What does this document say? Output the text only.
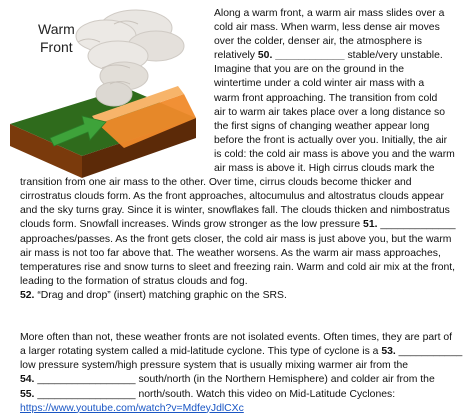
Warm
Front
Along a warm front, a warm air mass slides over a
cold air mass. When warm, less dense air moves
over the colder, denser air, the atmosphere is
relatively 50. ____________ stable/very unstable.
Imagine that you are on the ground in the
wintertime under a cold winter air mass with a
warm front approaching. The transition from cold
air to warm air takes place over a long distance so
the first signs of changing weather appear long
before the front is actually over you. Initially, the air
is cold: the cold air mass is above you and the warm
air mass is above it. High cirrus clouds mark the
transition from one air mass to the other. Over time, cirrus clouds become thicker and
cirrostratus clouds form. As the front approaches, altocumulus and altostratus clouds appear
and the sky turns gray. Since it is winter, snowflakes fall. The clouds thicken and nimbostratus
clouds form. Snowfall increases. Winds grow stronger as the low pressure 51. _____________
approaches/passes. As the front gets closer, the cold air mass is just above you, but the warm
air mass is not too far above that. The weather worsens. As the warm air mass approaches,
temperatures rise and snow turns to sleet and freezing rain. Warm and cold air mix at the front,
leading to the formation of stratus clouds and fog.
52. “Drag and drop” (insert) matching graphic on the SRS.
More often than not, these weather fronts are not isolated events. Often times, they are part of
a larger rotating system called a mid-latitude cyclone. This type of cyclone is a 53. ___________
low pressure system/high pressure system that is usually mixing warmer air from the
54. _________________ south/north (in the Northern Hemisphere) and colder air from the
55. _________________ north/south. Watch this video on Mid-Latitude Cyclones:
https://www.youtube.com/watch?v=MdfeyJdlCXc
